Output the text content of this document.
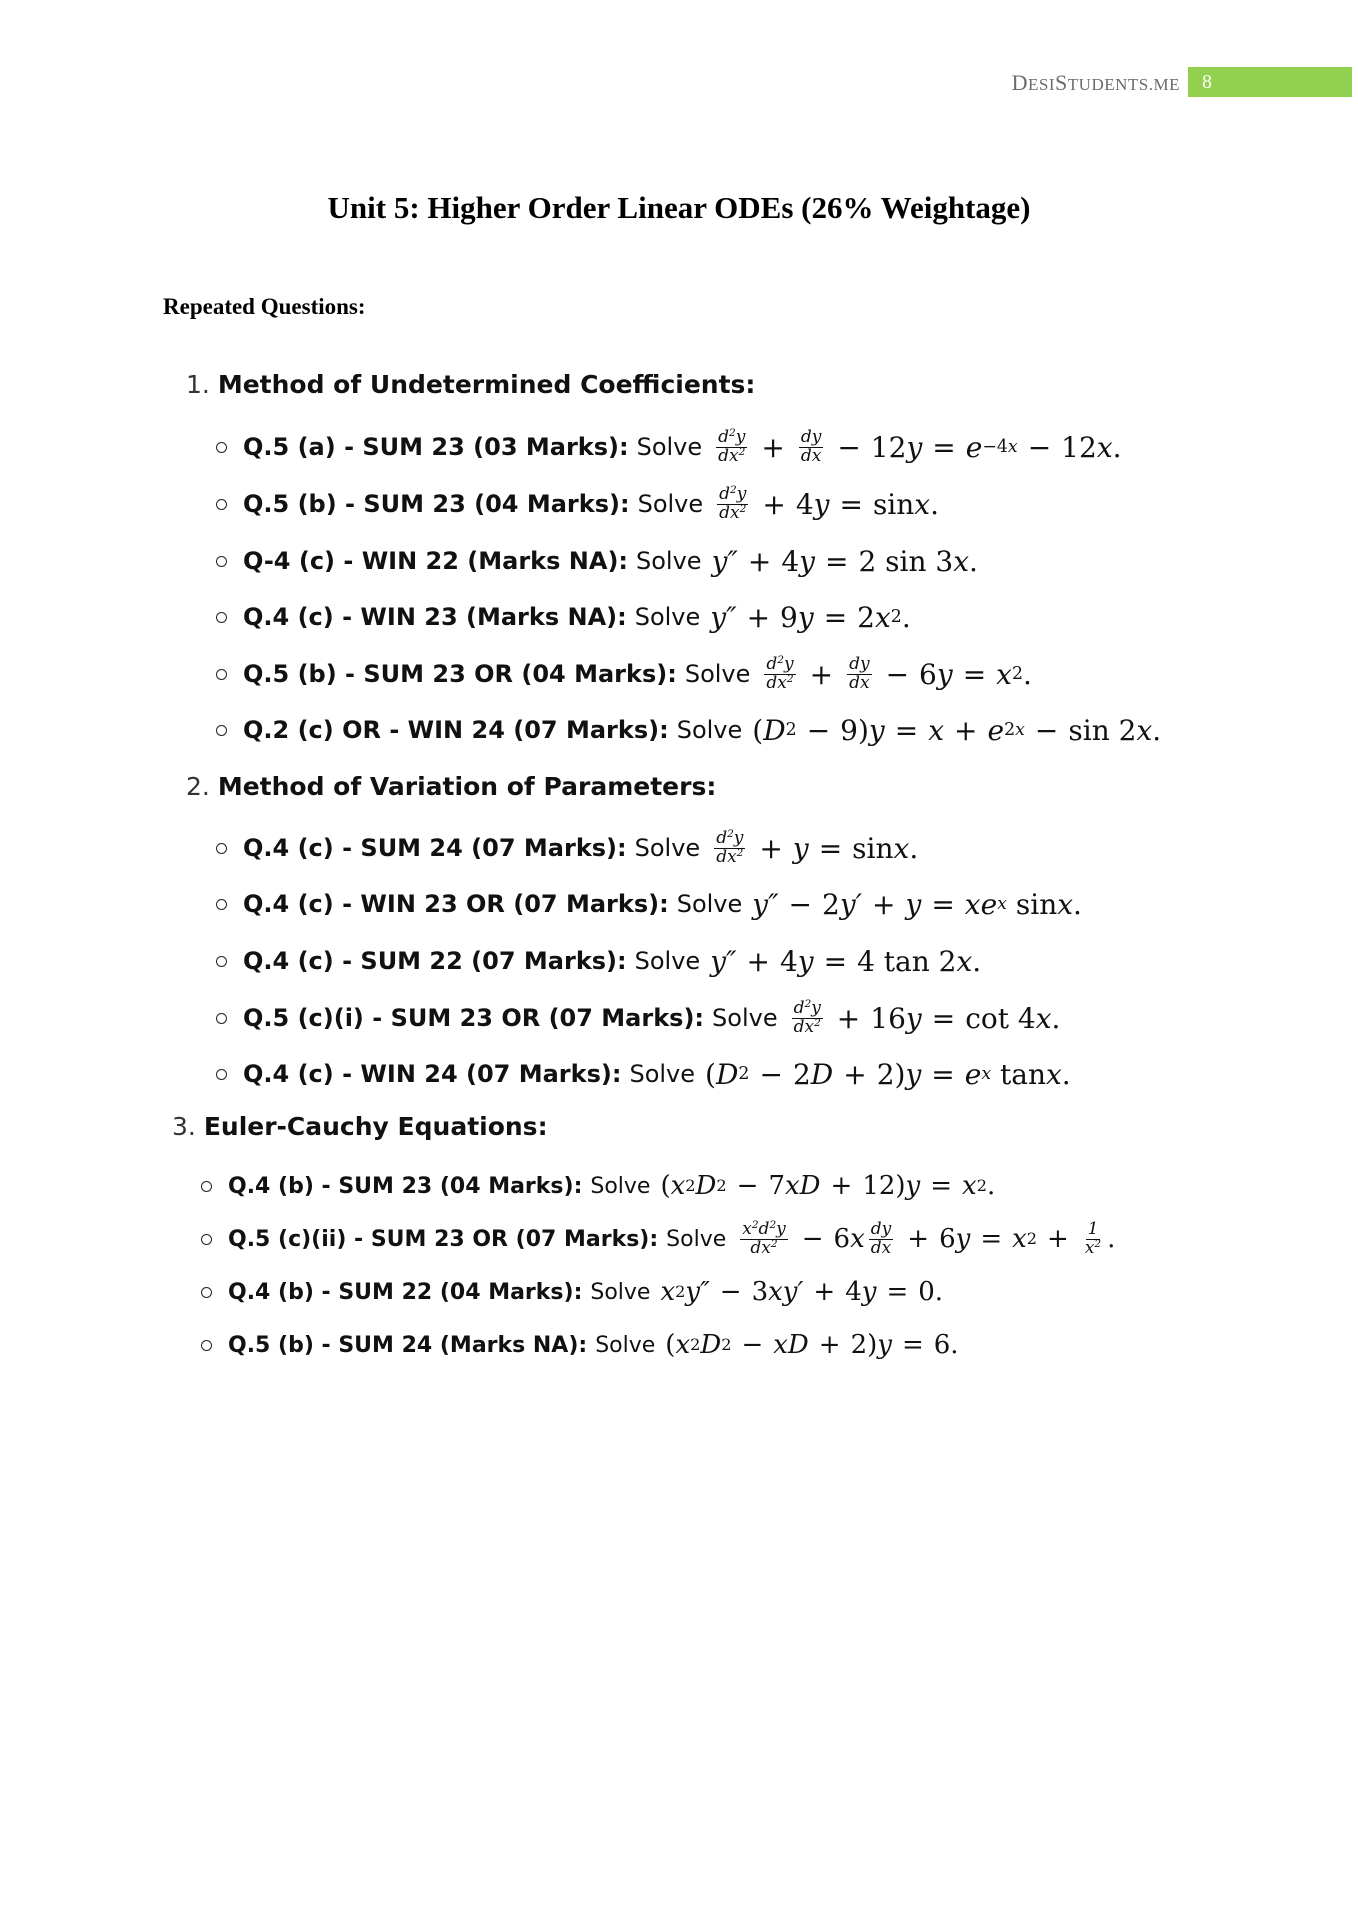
DESISTUDENTS.ME	8
Unit 5: Higher Order Linear ODEs (26% Weightage)
Repeated Questions:
1. Method of Undetermined Coefficients:
Q.5 (a) - SUM 23 (03 Marks): Solve $\frac{d^2y}{dx^2} + \frac{dy}{dx} - 12$ y = e −4x − 12 x .
Q.5 (b) - SUM 23 (04 Marks): Solve $\frac{d^2y}{dx^2} + 4$ y = sin x .
Q-4 (c) - WIN 22 (Marks NA): Solve y″ + 4 y = 2 sin 3 x .
Q.4 (c) - WIN 23 (Marks NA): Solve y″ + 9 y = 2 x 2 .
Q.5 (b) - SUM 23 OR (04 Marks): Solve $\frac{d^2y}{dx^2} + \frac{dy}{dx} - 6$ y = x 2 .
Q.2 (c) OR - WIN 24 (07 Marks): Solve ( D 2 − 9) y = x + e 2x − sin 2 x .
2. Method of Variation of Parameters:
Q.4 (c) - SUM 24 (07 Marks): Solve $\frac{d^2y}{dx^2} + y = \sin x$ .
Q.4 (c) - WIN 23 OR (07 Marks): Solve y″ − 2 y′ + y = xe x sin x .
Q.4 (c) - SUM 22 (07 Marks): Solve y″ + 4 y = 4 tan 2 x .
Q.5 (c)(i) - SUM 23 OR (07 Marks): Solve $\frac{d^2y}{dx^2} + 16$ y = cot 4 x .
Q.4 (c) - WIN 24 (07 Marks): Solve ( D 2 − 2 D + 2) y = e x tan x .
3. Euler-Cauchy Equations:
Q.4 (b) - SUM 23 (04 Marks): Solve ( x 2 D 2 − 7 xD + 12) y = x 2 .
Q.5 (c)(ii) - SUM 23 OR (07 Marks): Solve $\frac{x^2d^2y}{dx^2} - 6$ x $\frac{dy}{dx} + 6$ y = x $2 + \frac{1}{x^2}$ .
Q.4 (b) - SUM 22 (04 Marks): Solve x 2 y″ − 3 xy′ + 4 y = 0.
Q.5 (b) - SUM 24 (Marks NA): Solve ( x 2 D 2 − xD + 2) y = 6.
